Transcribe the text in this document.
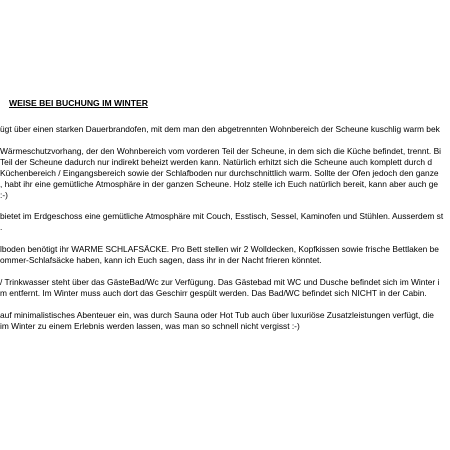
WEISE BEI BUCHUNG IM WINTER
ügt über einen starken Dauerbrandofen, mit dem man den abgetrennten Wohnbereich der Scheune kuschlig warm bek
Wärmeschutzvorhang, der den Wohnbereich vom vorderen Teil der Scheune, in dem sich die Küche befindet, trennt. Bi
Teil der Scheune dadurch nur indirekt beheizt werden kann. Natürlich erhitzt sich die Scheune auch komplett durch d
Küchenbereich / Eingangsbereich sowie der Schlafboden nur durchschnittlich warm. Sollte der Ofen jedoch den ganze
, habt ihr eine gemütliche Atmosphäre in der ganzen Scheune. Holz stelle ich Euch natürlich bereit, kann aber auch ge
:-)
bietet im Erdgeschoss eine gemütliche Atmosphäre mit Couch, Esstisch, Sessel, Kaminofen und Stühlen. Ausserdem st
.
lboden benötigt ihr WARME SCHLAFSÄCKE. Pro Bett stellen wir 2 Wolldecken, Kopfkissen sowie frische Bettlaken be
ommer-Schlafsäcke haben, kann ich Euch sagen, dass ihr in der Nacht frieren könntet.
/ Trinkwasser steht über das GästeBad/Wc zur Verfügung. Das Gästebad mit WC und Dusche befindet sich im Winter i
m entfernt. Im Winter muss auch dort das Geschirr gespült werden. Das Bad/WC befindet sich NICHT in der Cabin.
auf minimalistisches Abenteuer ein, was durch Sauna oder Hot Tub auch über luxuriöse Zusatzleistungen verfügt, die
im Winter zu einem Erlebnis werden lassen, was man so schnell nicht vergisst :-)
